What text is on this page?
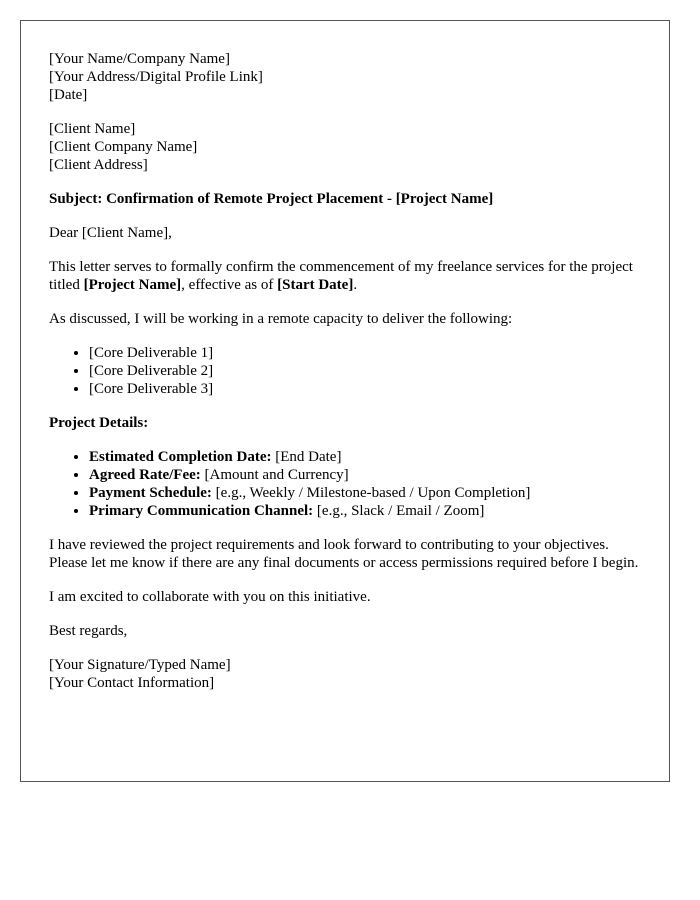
[Your Name/Company Name]
[Your Address/Digital Profile Link]
[Date]

[Client Name]
[Client Company Name]
[Client Address]

Subject: Confirmation of Remote Project Placement - [Project Name]

Dear [Client Name],

This letter serves to formally confirm the commencement of my freelance services for the project titled [Project Name], effective as of [Start Date].

As discussed, I will be working in a remote capacity to deliver the following:

• [Core Deliverable 1]
• [Core Deliverable 2]
• [Core Deliverable 3]

Project Details:

• Estimated Completion Date: [End Date]
• Agreed Rate/Fee: [Amount and Currency]
• Payment Schedule: [e.g., Weekly / Milestone-based / Upon Completion]
• Primary Communication Channel: [e.g., Slack / Email / Zoom]

I have reviewed the project requirements and look forward to contributing to your objectives. Please let me know if there are any final documents or access permissions required before I begin.

I am excited to collaborate with you on this initiative.

Best regards,

[Your Signature/Typed Name]
[Your Contact Information]
